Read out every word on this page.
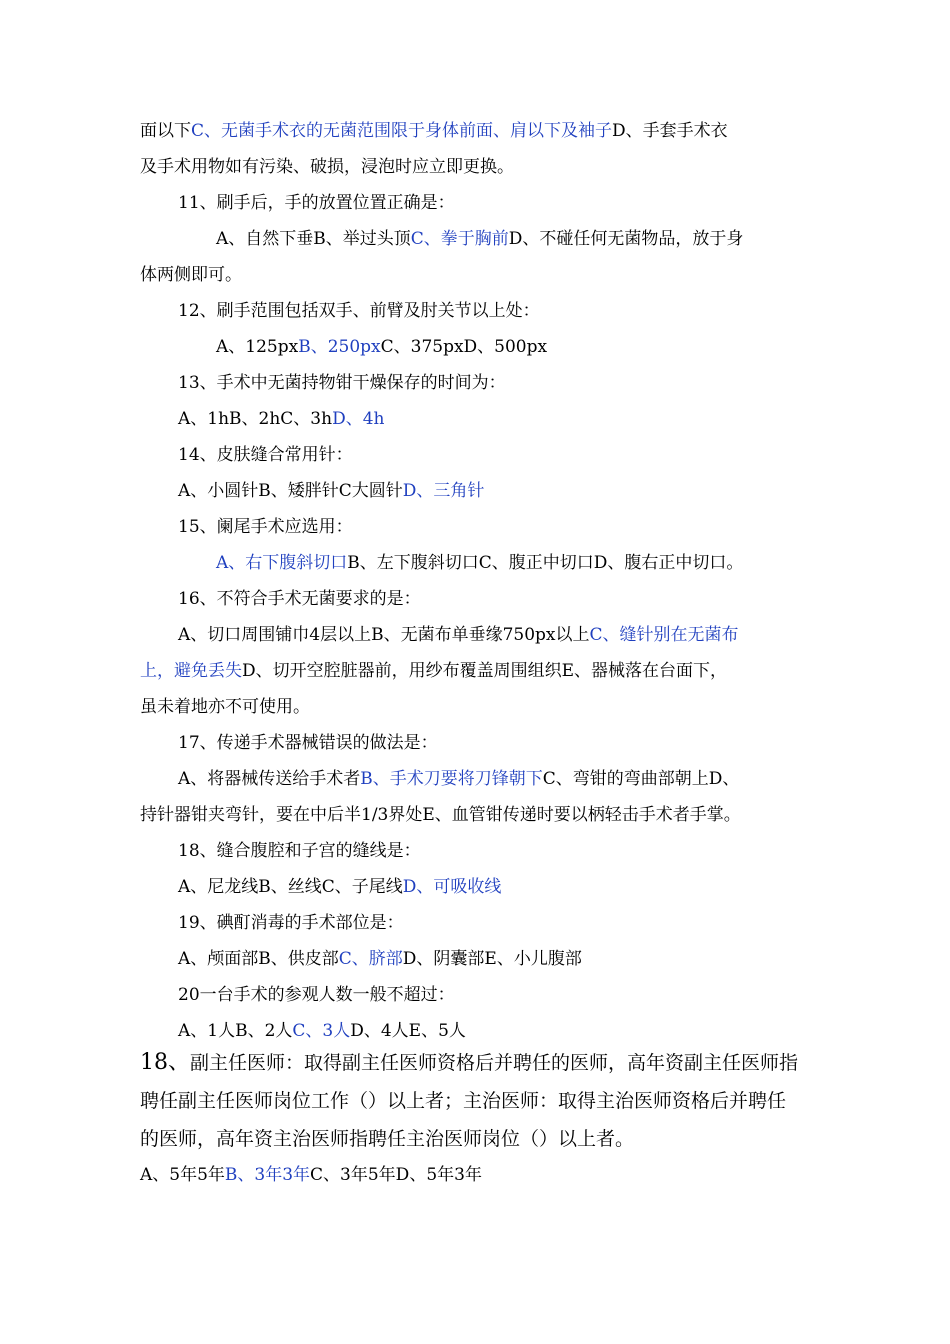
面以下C、无菌手术衣的无菌范围限于身体前面、肩以下及袖子D、手套手术衣
及手术用物如有污染、破损，浸泡时应立即更换。
11、刷手后，手的放置位置正确是：
A、自然下垂B、举过头顶C、拳于胸前D、不碰任何无菌物品，放于身
体两侧即可。
12、刷手范围包括双手、前臂及肘关节以上处：
A、125pxB、250pxC、375pxD、500px
13、手术中无菌持物钳干燥保存的时间为：
A、1hB、2hC、3hD、4h
14、皮肤缝合常用针：
A、小圆针B、矮胖针C大圆针D、三角针
15、阑尾手术应选用：
A、右下腹斜切口B、左下腹斜切口C、腹正中切口D、腹右正中切口。
16、不符合手术无菌要求的是：
A、切口周围铺巾4层以上B、无菌布单垂缘750px以上C、缝针别在无菌布
上，避免丢失D、切开空腔脏器前，用纱布覆盖周围组织E、器械落在台面下，
虽未着地亦不可使用。
17、传递手术器械错误的做法是：
A、将器械传送给手术者B、手术刀要将刀锋朝下C、弯钳的弯曲部朝上D、
持针器钳夹弯针，要在中后半1/3界处E、血管钳传递时要以柄轻击手术者手掌。
18、缝合腹腔和子宫的缝线是：
A、尼龙线B、丝线C、子尾线D、可吸收线
19、碘酊消毒的手术部位是：
A、颅面部B、供皮部C、脐部D、阴囊部E、小儿腹部
20一台手术的参观人数一般不超过：
A、1人B、2人C、3人D、4人E、5人
18、副主任医师：取得副主任医师资格后并聘任的医师，高年资副主任医师指
聘任副主任医师岗位工作（）以上者；主治医师：取得主治医师资格后并聘任
的医师，高年资主治医师指聘任主治医师岗位（）以上者。
A、5年5年B、3年3年C、3年5年D、5年3年
